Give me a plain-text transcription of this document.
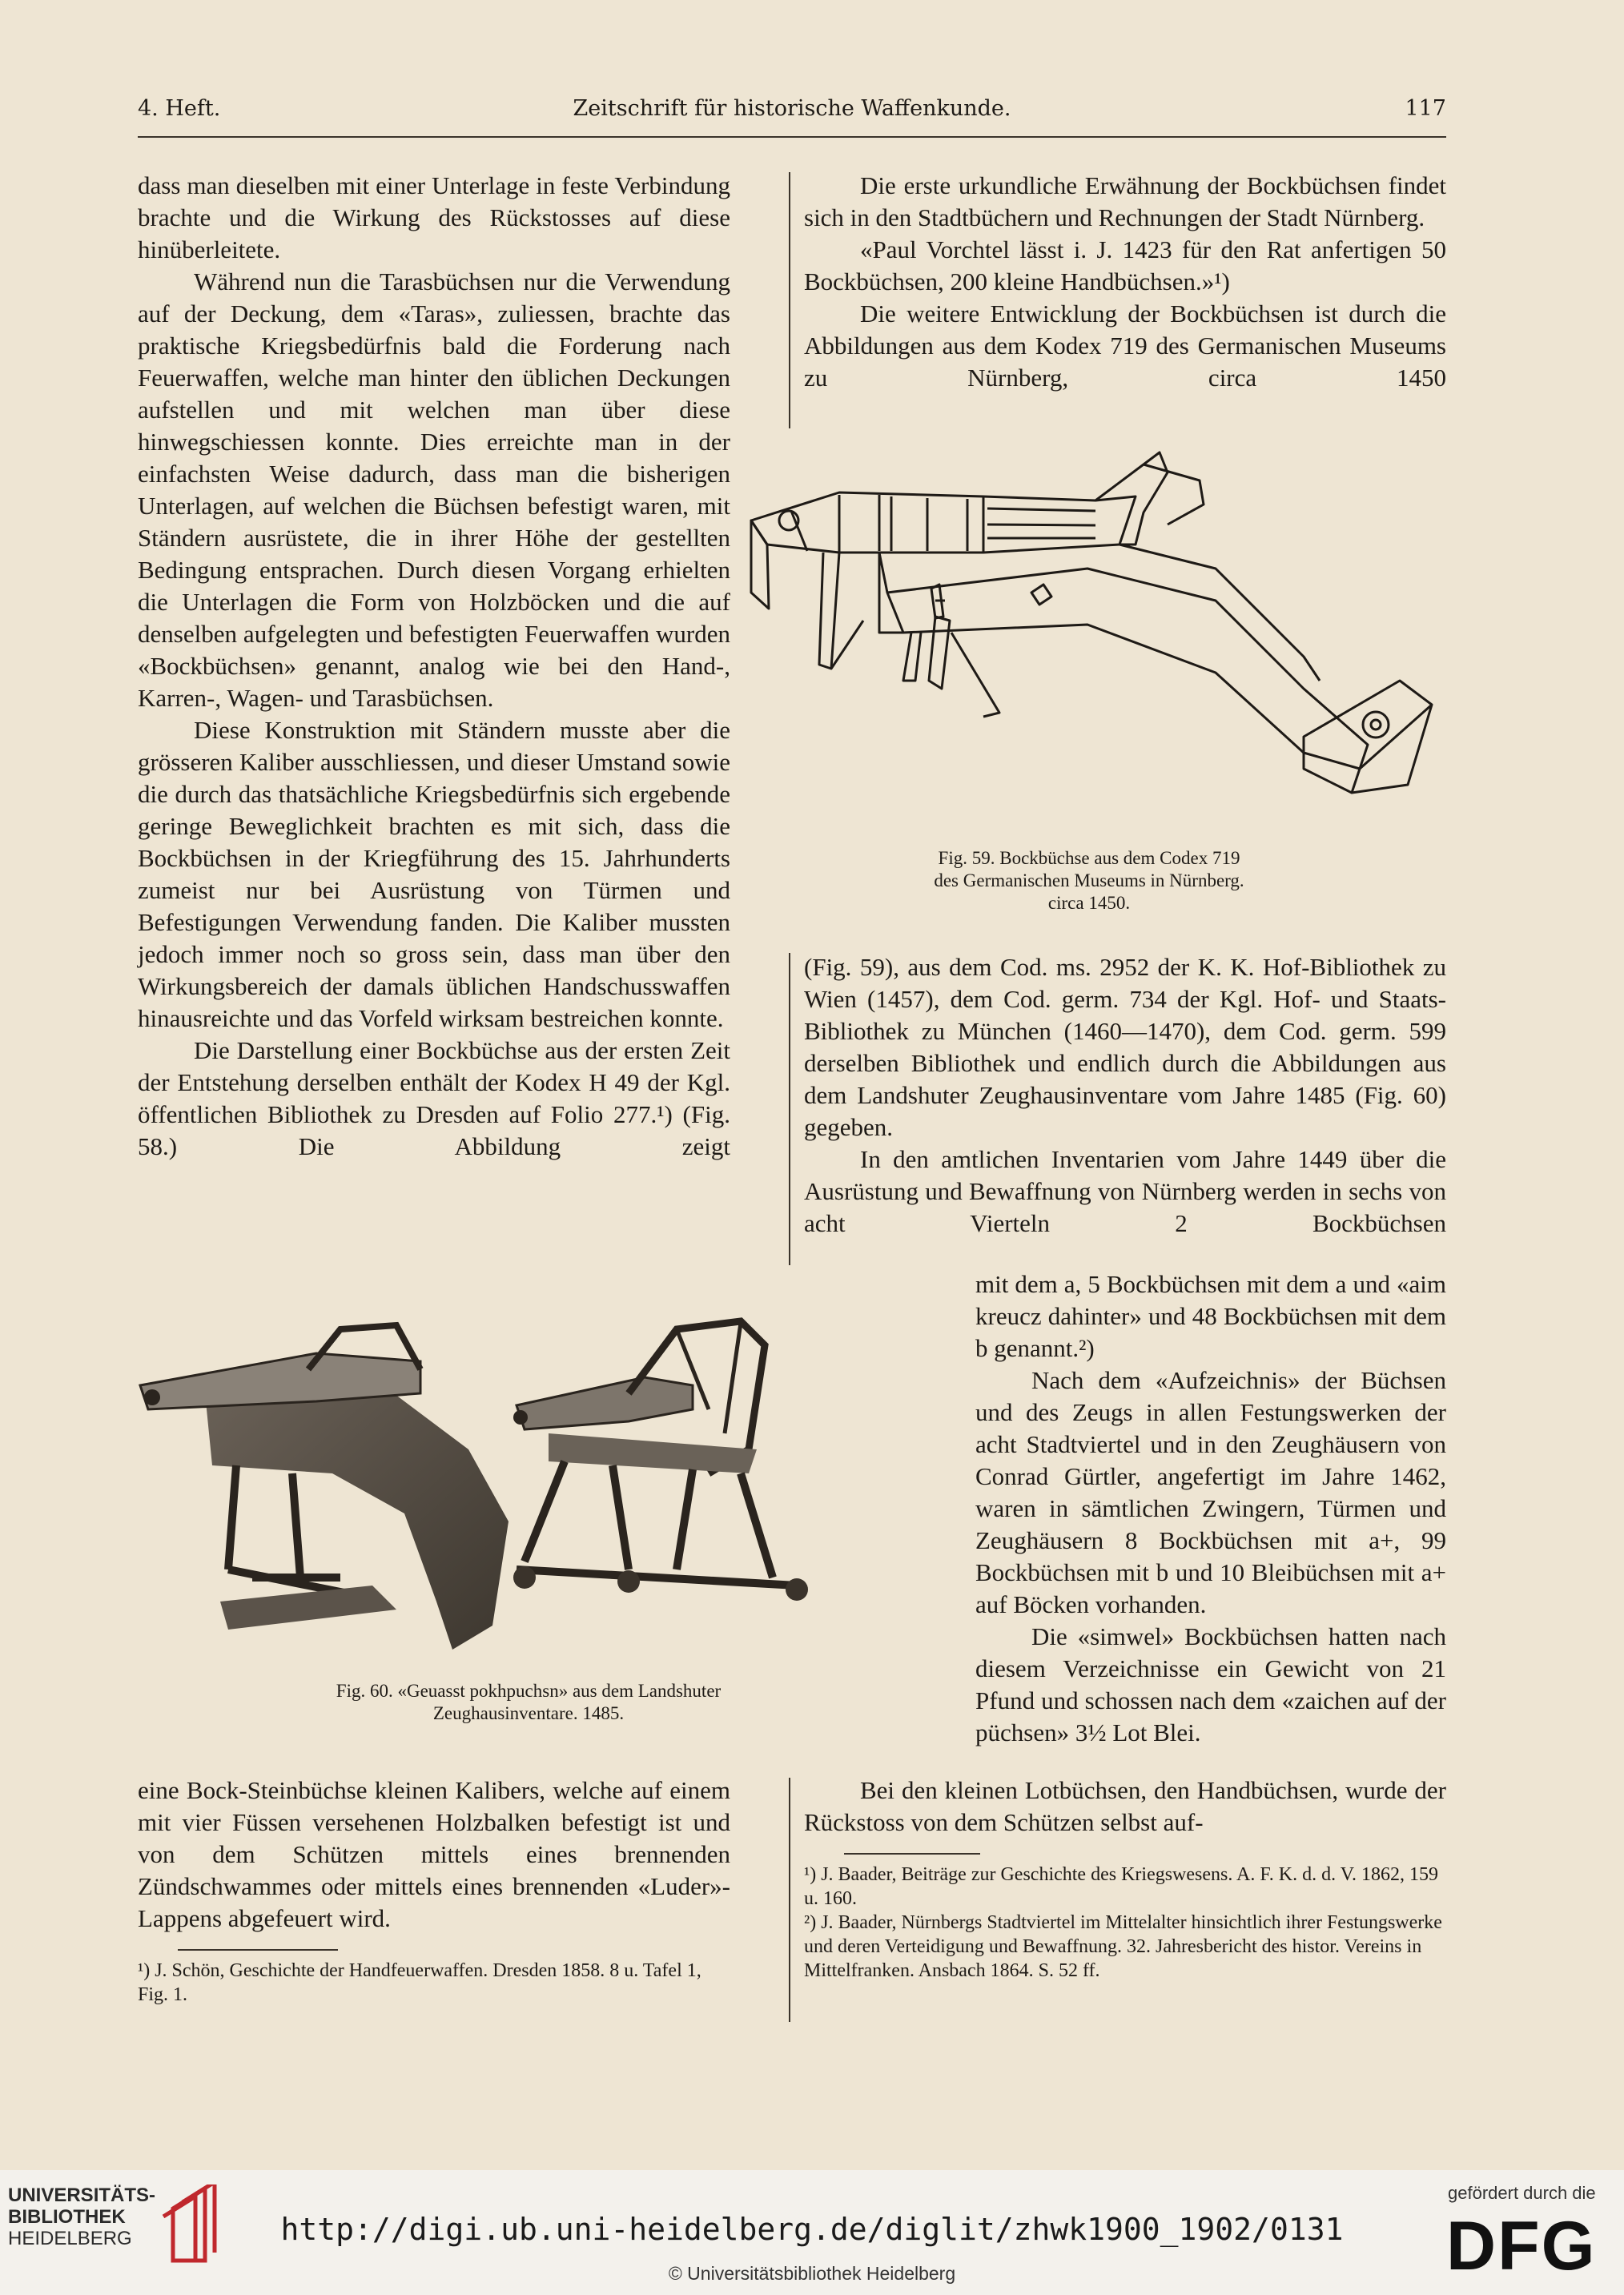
4. Heft.	Zeitschrift für historische Waffenkunde.	117

dass man dieselben mit einer Unterlage in feste Verbindung brachte und die Wirkung des Rückstosses auf diese hinüberleitete.

Während nun die Tarasbüchsen nur die Verwendung auf der Deckung, dem «Taras», zuliessen, brachte das praktische Kriegsbedürfnis bald die Forderung nach Feuerwaffen, welche man hinter den üblichen Deckungen aufstellen und mit welchen man über diese hinwegschiessen konnte. Dies erreichte man in der einfachsten Weise dadurch, dass man die bisherigen Unterlagen, auf welchen die Büchsen befestigt waren, mit Ständern ausrüstete, die in ihrer Höhe der gestellten Bedingung entsprachen. Durch diesen Vorgang erhielten die Unterlagen die Form von Holzböcken und die auf denselben aufgelegten und befestigten Feuerwaffen wurden «Bockbüchsen» genannt, analog wie bei den Hand-, Karren-, Wagen- und Tarasbüchsen.

Diese Konstruktion mit Ständern musste aber die grösseren Kaliber ausschliessen, und dieser Umstand sowie die durch das thatsächliche Kriegsbedürfnis sich ergebende geringe Beweglichkeit brachten es mit sich, dass die Bockbüchsen in der Kriegführung des 15. Jahrhunderts zumeist nur bei Ausrüstung von Türmen und Befestigungen Verwendung fanden. Die Kaliber mussten jedoch immer noch so gross sein, dass man über den Wirkungsbereich der damals üblichen Handschusswaffen hinausreichte und das Vorfeld wirksam bestreichen konnte.

Die Darstellung einer Bockbüchse aus der ersten Zeit der Entstehung derselben enthält der Kodex H 49 der Kgl. öffentlichen Bibliothek zu Dresden auf Folio 277.¹) (Fig. 58.) Die Abbildung zeigt

Die erste urkundliche Erwähnung der Bockbüchsen findet sich in den Stadtbüchern und Rechnungen der Stadt Nürnberg.

«Paul Vorchtel lässt i. J. 1423 für den Rat anfertigen 50 Bockbüchsen, 200 kleine Handbüchsen.»¹)

Die weitere Entwicklung der Bockbüchsen ist durch die Abbildungen aus dem Kodex 719 des Germanischen Museums zu Nürnberg, circa 1450

Fig. 59. Bockbüchse aus dem Codex 719

des Germanischen Museums in Nürnberg.

circa 1450.

(Fig. 59), aus dem Cod. ms. 2952 der K. K. Hof-Bibliothek zu Wien (1457), dem Cod. germ. 734 der Kgl. Hof- und Staats-Bibliothek zu München (1460—1470), dem Cod. germ. 599 derselben Bibliothek und endlich durch die Abbildungen aus dem Landshuter Zeughausinventare vom Jahre 1485 (Fig. 60) gegeben.

In den amtlichen Inventarien vom Jahre 1449 über die Ausrüstung und Bewaffnung von Nürnberg werden in sechs von acht Vierteln 2 Bockbüchsen

mit dem a, 5 Bockbüchsen mit dem a und «aim kreucz dahinter» und 48 Bockbüchsen mit dem b genannt.²)

Nach dem «Aufzeichnis» der Büchsen und des Zeugs in allen Festungswerken der acht Stadtviertel und in den Zeughäusern von Conrad Gürtler, angefertigt im Jahre 1462, waren in sämtlichen Zwingern, Türmen und Zeughäusern 8 Bockbüchsen mit a+, 99 Bockbüchsen mit b und 10 Bleibüchsen mit a+ auf Böcken vorhanden.

Die «simwel» Bockbüchsen hatten nach diesem Verzeichnisse ein Gewicht von 21 Pfund und schossen nach dem «zaichen auf der püchsen» 3½ Lot Blei.

Fig. 60. «Geuasst pokhpuchsn» aus dem Landshuter

Zeughausinventare. 1485.

eine Bock-Steinbüchse kleinen Kalibers, welche auf einem mit vier Füssen versehenen Holzbalken befestigt ist und von dem Schützen mittels eines brennenden Zündschwammes oder mittels eines brennenden «Luder»-Lappens abgefeuert wird.

Bei den kleinen Lotbüchsen, den Handbüchsen, wurde der Rückstoss von dem Schützen selbst auf-

¹) J. Schön, Geschichte der Handfeuerwaffen. Dresden 1858. 8 u. Tafel 1, Fig. 1.

¹) J. Baader, Beiträge zur Geschichte des Kriegswesens. A. F. K. d. d. V. 1862, 159 u. 160.

²) J. Baader, Nürnbergs Stadtviertel im Mittelalter hinsichtlich ihrer Festungswerke und deren Verteidigung und Bewaffnung. 32. Jahresbericht des histor. Vereins in Mittelfranken. Ansbach 1864. S. 52 ff.

UNIVERSITÄTS-
BIBLIOTHEK
HEIDELBERG	http://digi.ub.uni-heidelberg.de/diglit/zhwk1900_1902/0131
© Universitätsbibliothek Heidelberg
gefördert durch die
DFG
